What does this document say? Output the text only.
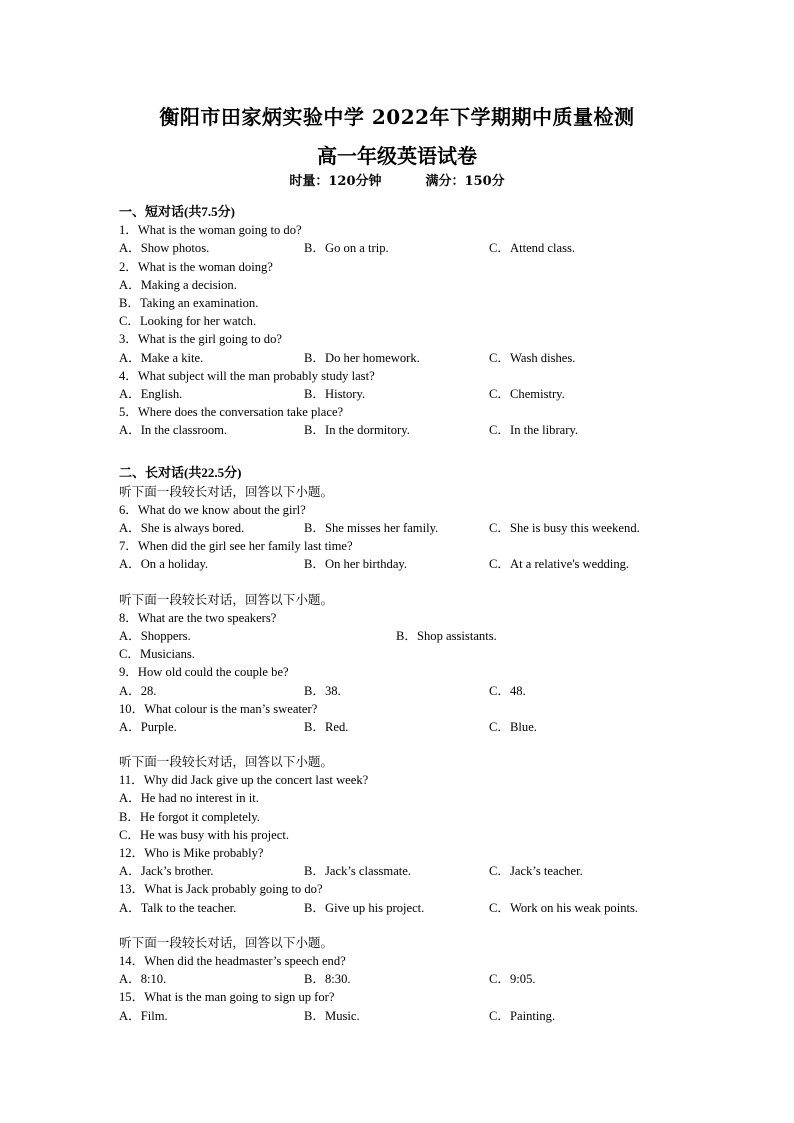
衡阳市田家炳实验中学 2022年下学期期中质量检测
高一年级英语试卷
时量：120分钟	满分：150分
一、短对话(共7.5分)
1．What is the woman going to do?
A．Show photos.	B．Go on a trip.	C．Attend class.
2．What is the woman doing?
A．Making a decision.
B．Taking an examination.
C．Looking for her watch.
3．What is the girl going to do?
A．Make a kite.	B．Do her homework.	C．Wash dishes.
4．What subject will the man probably study last?
A．English.	B．History.	C．Chemistry.
5．Where does the conversation take place?
A．In the classroom.	B．In the dormitory.	C．In the library.
二、长对话(共22.5分)
听下面一段较长对话，回答以下小题。
6．What do we know about the girl?
A．She is always bored.	B．She misses her family.	C．She is busy this weekend.
7．When did the girl see her family last time?
A．On a holiday.	B．On her birthday.	C．At a relative's wedding.
听下面一段较长对话，回答以下小题。
8．What are the two speakers?
A．Shoppers.	B．Shop assistants.
C．Musicians.
9．How old could the couple be?
A．28.	B．38.	C．48.
10．What colour is the man’s sweater?
A．Purple.	B．Red.	C．Blue.
听下面一段较长对话，回答以下小题。
11．Why did Jack give up the concert last week?
A．He had no interest in it.
B．He forgot it completely.
C．He was busy with his project.
12．Who is Mike probably?
A．Jack’s brother.	B．Jack’s classmate.	C．Jack’s teacher.
13．What is Jack probably going to do?
A．Talk to the teacher.	B．Give up his project.	C．Work on his weak points.
听下面一段较长对话，回答以下小题。
14．When did the headmaster’s speech end?
A．8:10.	B．8:30.	C．9:05.
15．What is the man going to sign up for?
A．Film.	B．Music.	C．Painting.
